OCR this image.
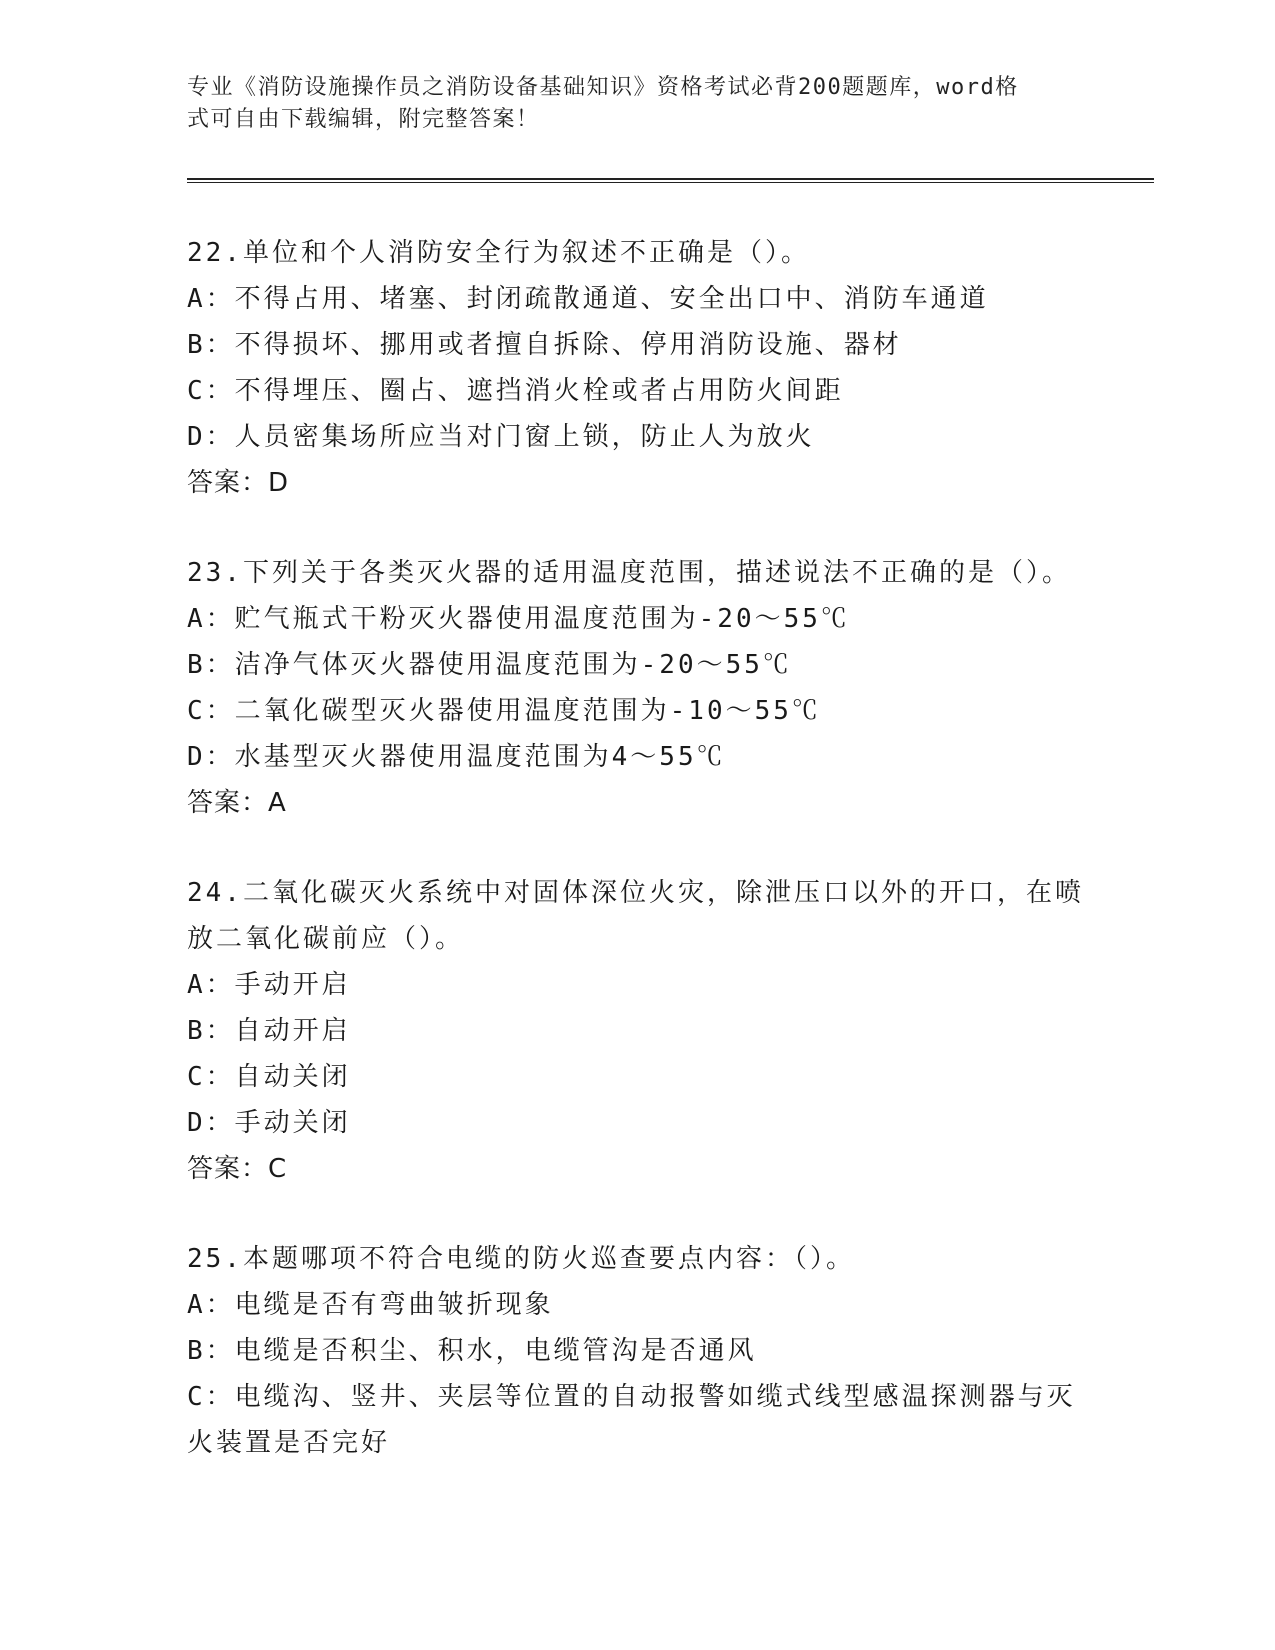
专业《消防设施操作员之消防设备基础知识》资格考试必背200题题库，word格
式可自由下载编辑，附完整答案！
22.单位和个人消防安全行为叙述不正确是（）。
A：不得占用、堵塞、封闭疏散通道、安全出口中、消防车通道
B：不得损坏、挪用或者擅自拆除、停用消防设施、器材
C：不得埋压、圈占、遮挡消火栓或者占用防火间距
D：人员密集场所应当对门窗上锁，防止人为放火
答案：D
23.下列关于各类灭火器的适用温度范围，描述说法不正确的是（）。
A：贮气瓶式干粉灭火器使用温度范围为-20～55℃
B：洁净气体灭火器使用温度范围为-20～55℃
C：二氧化碳型灭火器使用温度范围为-10～55℃
D：水基型灭火器使用温度范围为4～55℃
答案：A
24.二氧化碳灭火系统中对固体深位火灾，除泄压口以外的开口，在喷放二氧化碳前应（）。
A：手动开启
B：自动开启
C：自动关闭
D：手动关闭
答案：C
25.本题哪项不符合电缆的防火巡查要点内容：（）。
A：电缆是否有弯曲皱折现象
B：电缆是否积尘、积水，电缆管沟是否通风
C：电缆沟、竖井、夹层等位置的自动报警如缆式线型感温探测器与灭火装置是否完好
